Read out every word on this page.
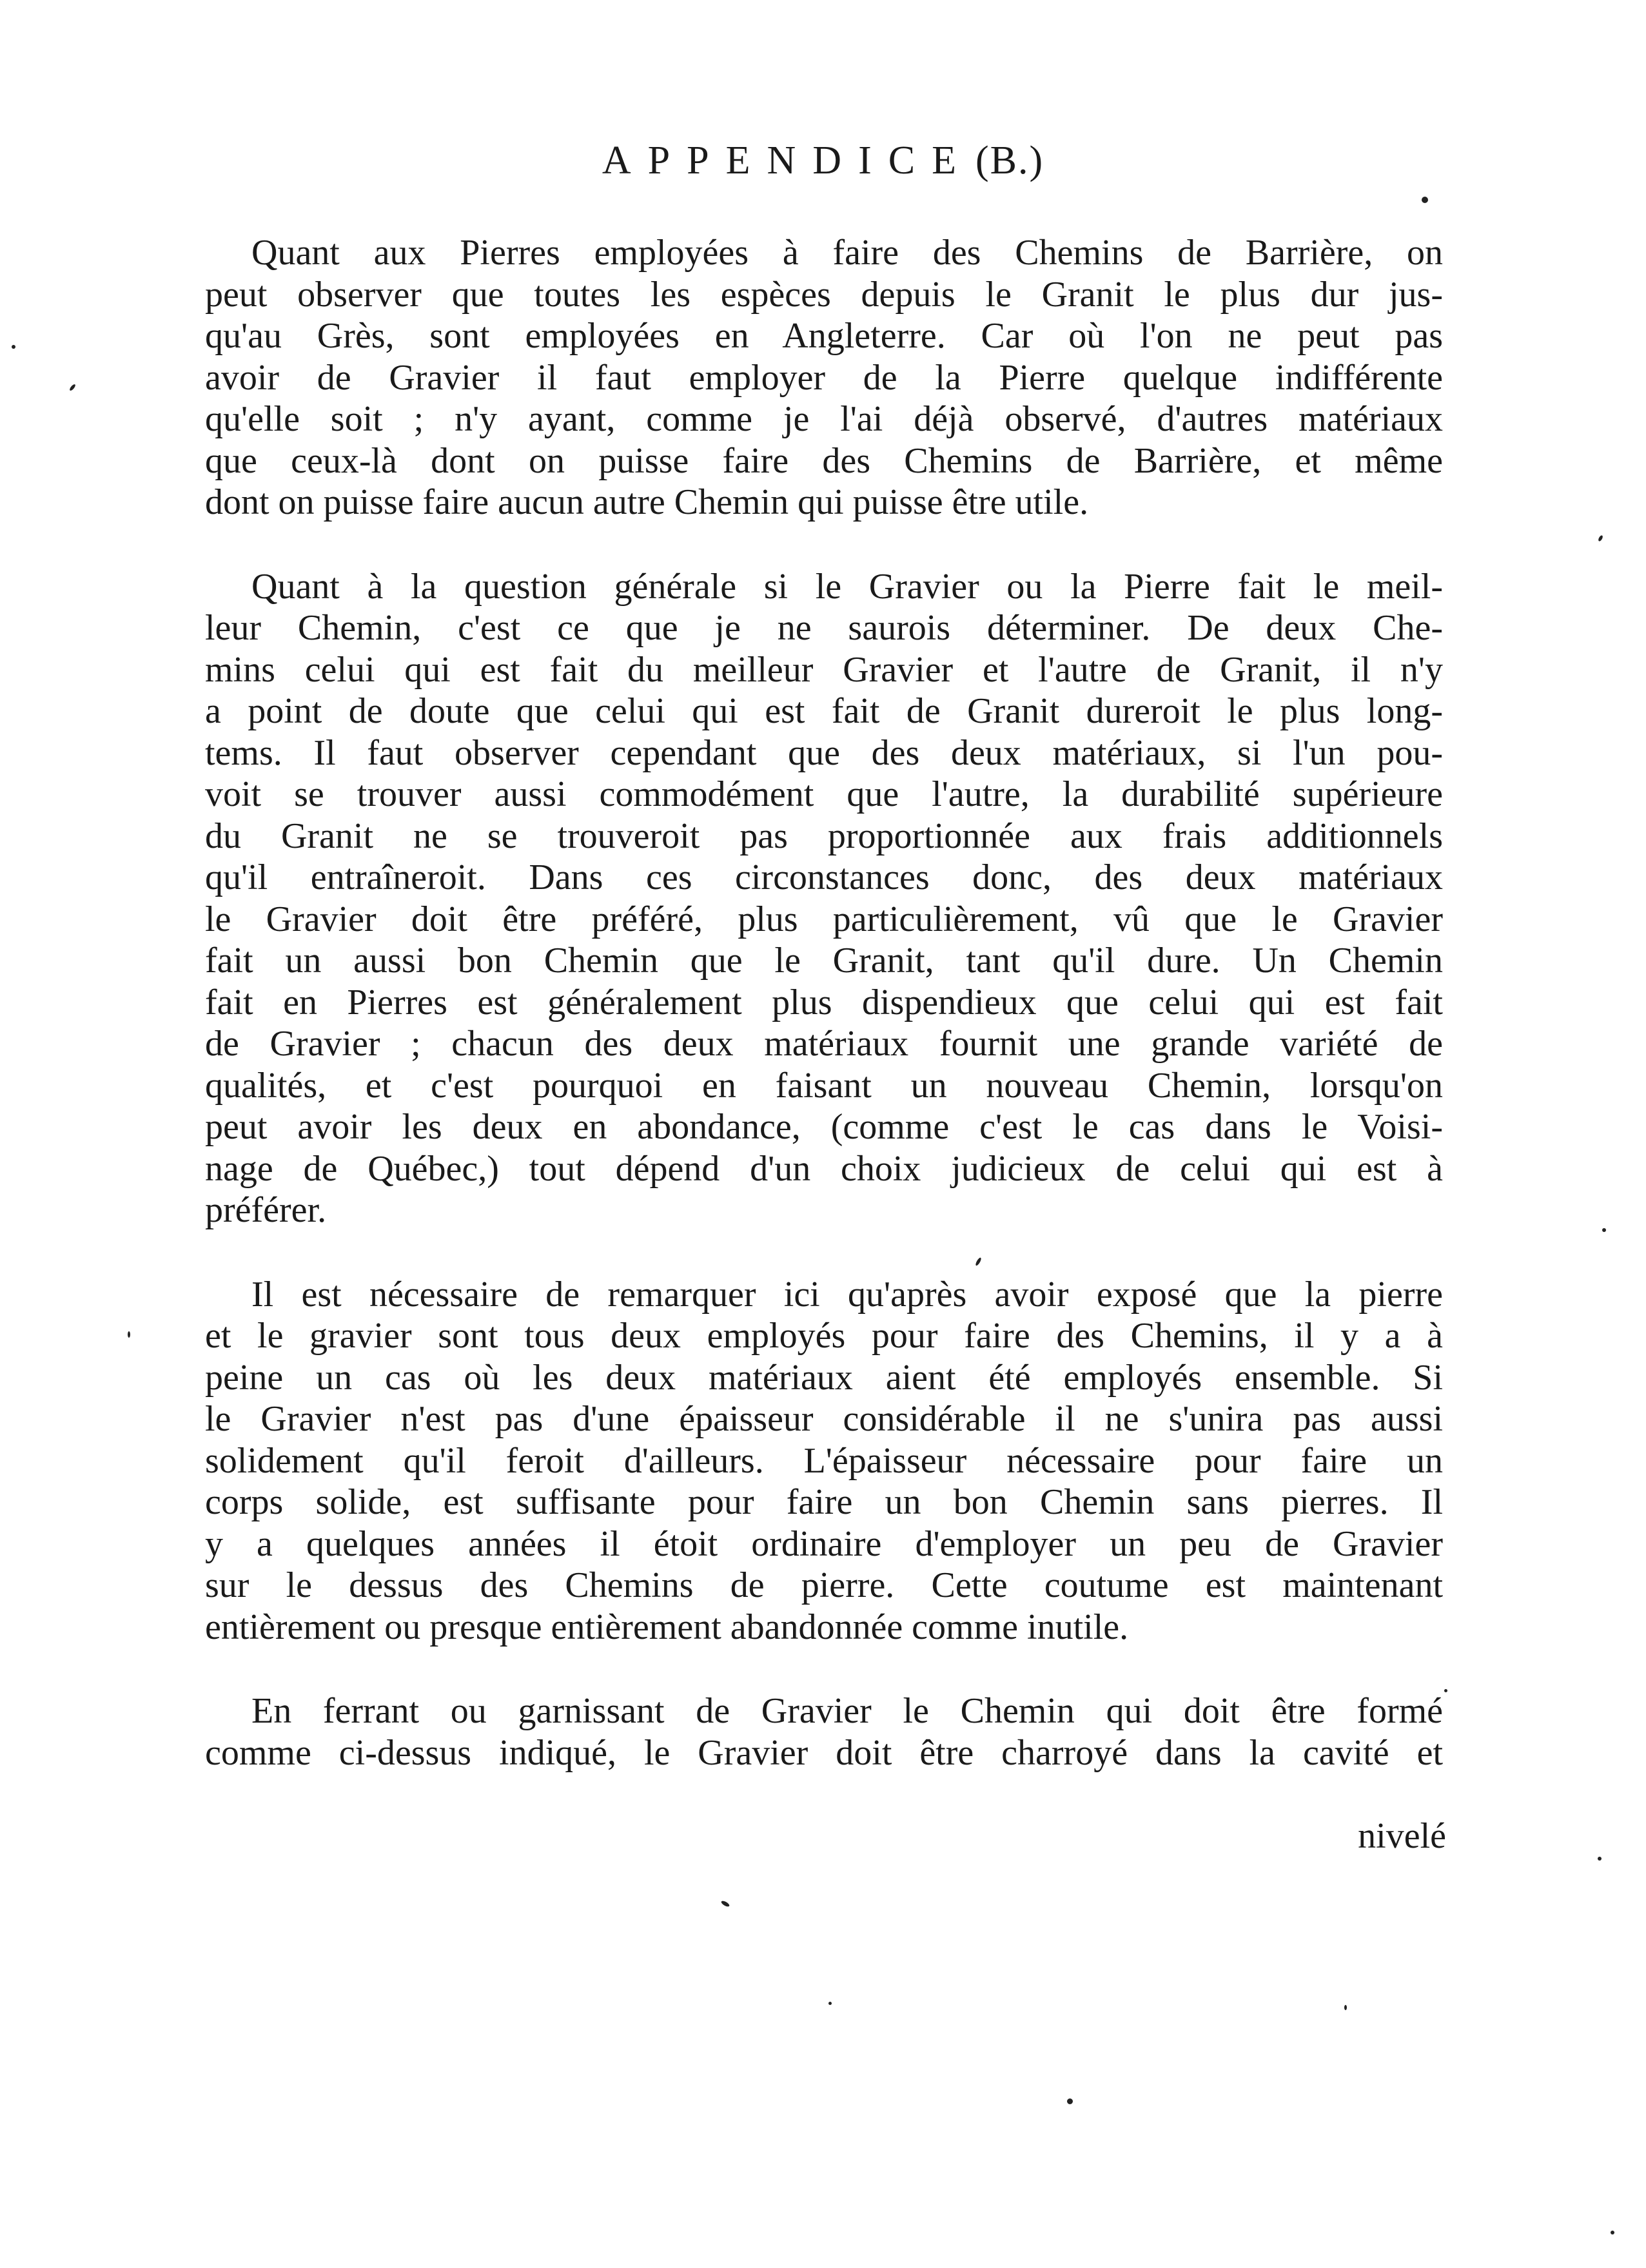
APPENDICE(B.)
Quant aux Pierres employées à faire des Chemins de Barrière, on
peut observer que toutes les espèces depuis le Granit le plus dur jus-
qu'au Grès, sont employées en Angleterre. Car où l'on ne peut pas
avoir de Gravier il faut employer de la Pierre quelque indifférente
qu'elle soit ; n'y ayant, comme je l'ai déjà observé, d'autres matériaux
que ceux-là dont on puisse faire des Chemins de Barrière, et même
dont on puisse faire aucun autre Chemin qui puisse être utile.
Quant à la question générale si le Gravier ou la Pierre fait le meil-
leur Chemin, c'est ce que je ne saurois déterminer. De deux Che-
mins celui qui est fait du meilleur Gravier et l'autre de Granit, il n'y
a point de doute que celui qui est fait de Granit dureroit le plus long-
tems. Il faut observer cependant que des deux matériaux, si l'un pou-
voit se trouver aussi commodément que l'autre, la durabilité supérieure
du Granit ne se trouveroit pas proportionnée aux frais additionnels
qu'il entraîneroit. Dans ces circonstances donc, des deux matériaux
le Gravier doit être préféré, plus particulièrement, vû que le Gravier
fait un aussi bon Chemin que le Granit, tant qu'il dure. Un Chemin
fait en Pierres est généralement plus dispendieux que celui qui est fait
de Gravier ; chacun des deux matériaux fournit une grande variété de
qualités, et c'est pourquoi en faisant un nouveau Chemin, lorsqu'on
peut avoir les deux en abondance, (comme c'est le cas dans le Voisi-
nage de Québec,) tout dépend d'un choix judicieux de celui qui est à
préférer.
Il est nécessaire de remarquer ici qu'après avoir exposé que la pierre
et le gravier sont tous deux employés pour faire des Chemins, il y a à
peine un cas où les deux matériaux aient été employés ensemble. Si
le Gravier n'est pas d'une épaisseur considérable il ne s'unira pas aussi
solidement qu'il feroit d'ailleurs. L'épaisseur nécessaire pour faire un
corps solide, est suffisante pour faire un bon Chemin sans pierres. Il
y a quelques années il étoit ordinaire d'employer un peu de Gravier
sur le dessus des Chemins de pierre. Cette coutume est maintenant
entièrement ou presque entièrement abandonnée comme inutile.
En ferrant ou garnissant de Gravier le Chemin qui doit être formé
comme ci-dessus indiqué, le Gravier doit être charroyé dans la cavité et
nivelé
